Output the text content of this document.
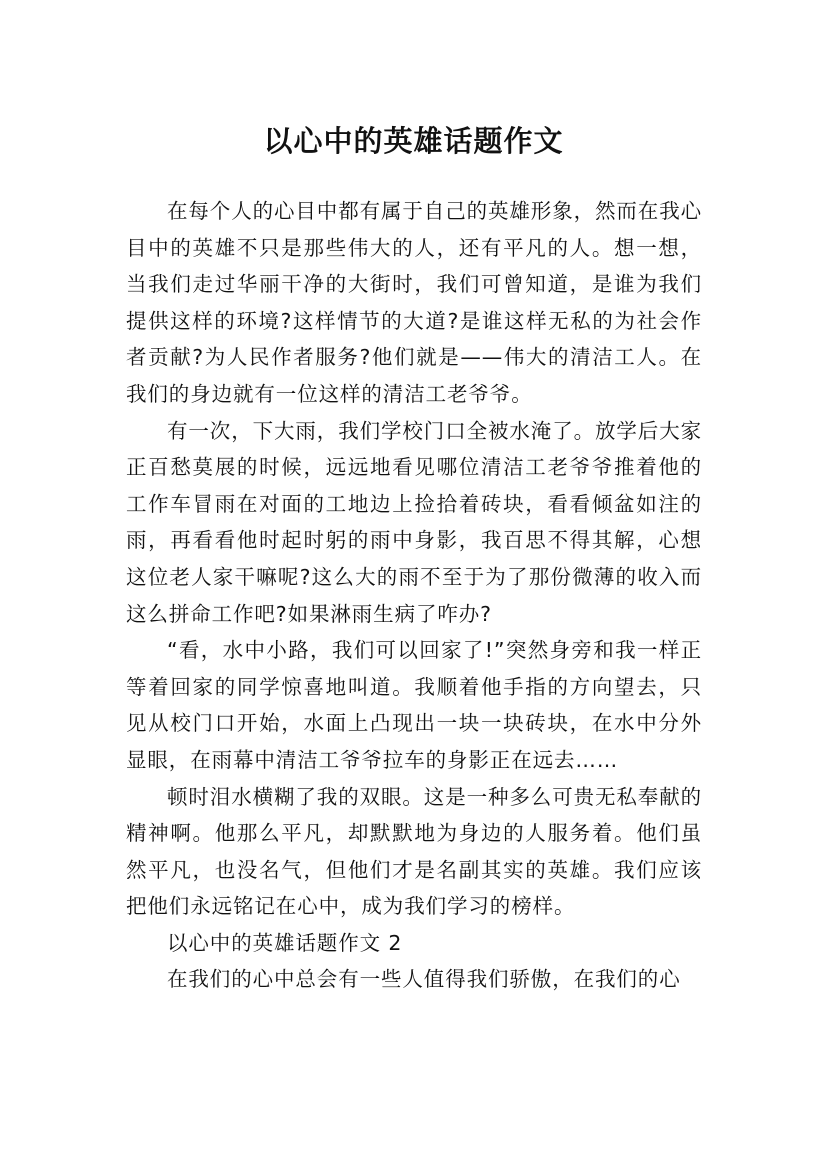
以心中的英雄话题作文

在每个人的心目中都有属于自己的英雄形象，然而在我心目中的英雄不只是那些伟大的人，还有平凡的人。想一想，当我们走过华丽干净的大街时，我们可曾知道，是谁为我们提供这样的环境?这样情节的大道?是谁这样无私的为社会作者贡献?为人民作者服务?他们就是——伟大的清洁工人。在我们的身边就有一位这样的清洁工老爷爷。

有一次，下大雨，我们学校门口全被水淹了。放学后大家正百愁莫展的时候，远远地看见哪位清洁工老爷爷推着他的工作车冒雨在对面的工地边上捡拾着砖块，看看倾盆如注的雨，再看看他时起时躬的雨中身影，我百思不得其解，心想这位老人家干嘛呢?这么大的雨不至于为了那份微薄的收入而这么拼命工作吧?如果淋雨生病了咋办?

“看，水中小路，我们可以回家了!”突然身旁和我一样正等着回家的同学惊喜地叫道。我顺着他手指的方向望去，只见从校门口开始，水面上凸现出一块一块砖块，在水中分外显眼，在雨幕中清洁工爷爷拉车的身影正在远去……

顿时泪水横糊了我的双眼。这是一种多么可贵无私奉献的精神啊。他那么平凡，却默默地为身边的人服务着。他们虽然平凡，也没名气，但他们才是名副其实的英雄。我们应该把他们永远铭记在心中，成为我们学习的榜样。

以心中的英雄话题作文 2

在我们的心中总会有一些人值得我们骄傲，在我们的心
